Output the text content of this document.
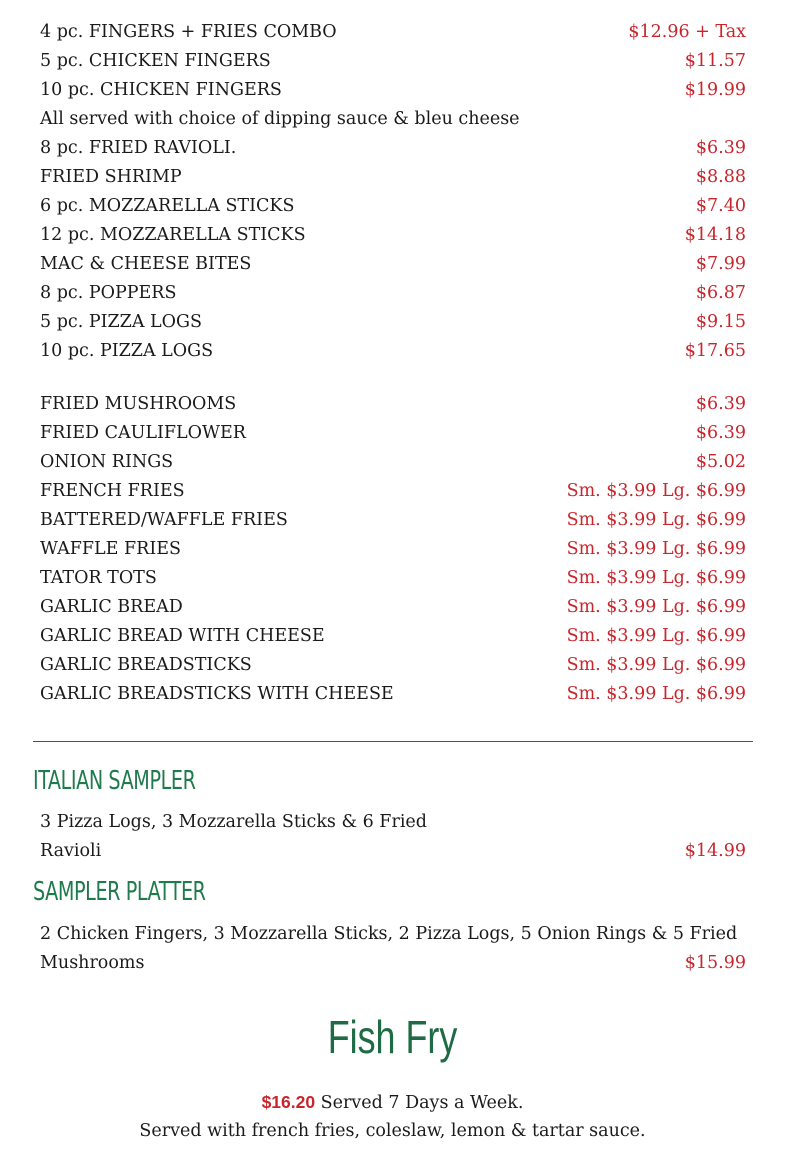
4 pc. FINGERS + FRIES COMBO	$12.96 + Tax
5 pc. CHICKEN FINGERS	$11.57
10 pc. CHICKEN FINGERS	$19.99
All served with choice of dipping sauce & bleu cheese
8 pc. FRIED RAVIOLI.	$6.39
FRIED SHRIMP	$8.88
6 pc. MOZZARELLA STICKS	$7.40
12 pc. MOZZARELLA STICKS	$14.18
MAC & CHEESE BITES	$7.99
8 pc. POPPERS	$6.87
5 pc. PIZZA LOGS	$9.15
10 pc. PIZZA LOGS	$17.65
FRIED MUSHROOMS	$6.39
FRIED CAULIFLOWER	$6.39
ONION RINGS	$5.02
FRENCH FRIES	Sm. $3.99 Lg. $6.99
BATTERED/WAFFLE FRIES	Sm. $3.99 Lg. $6.99
WAFFLE FRIES	Sm. $3.99 Lg. $6.99
TATOR TOTS	Sm. $3.99 Lg. $6.99
GARLIC BREAD	Sm. $3.99 Lg. $6.99
GARLIC BREAD WITH CHEESE	Sm. $3.99 Lg. $6.99
GARLIC BREADSTICKS	Sm. $3.99 Lg. $6.99
GARLIC BREADSTICKS WITH CHEESE	Sm. $3.99 Lg. $6.99
ITALIAN SAMPLER
3 Pizza Logs, 3 Mozzarella Sticks & 6 Fried
Ravioli	$14.99
SAMPLER PLATTER
2 Chicken Fingers, 3 Mozzarella Sticks, 2 Pizza Logs, 5 Onion Rings & 5 Fried
Mushrooms	$15.99
Fish Fry
$16.20 Served 7 Days a Week.
Served with french fries, coleslaw, lemon & tartar sauce.
